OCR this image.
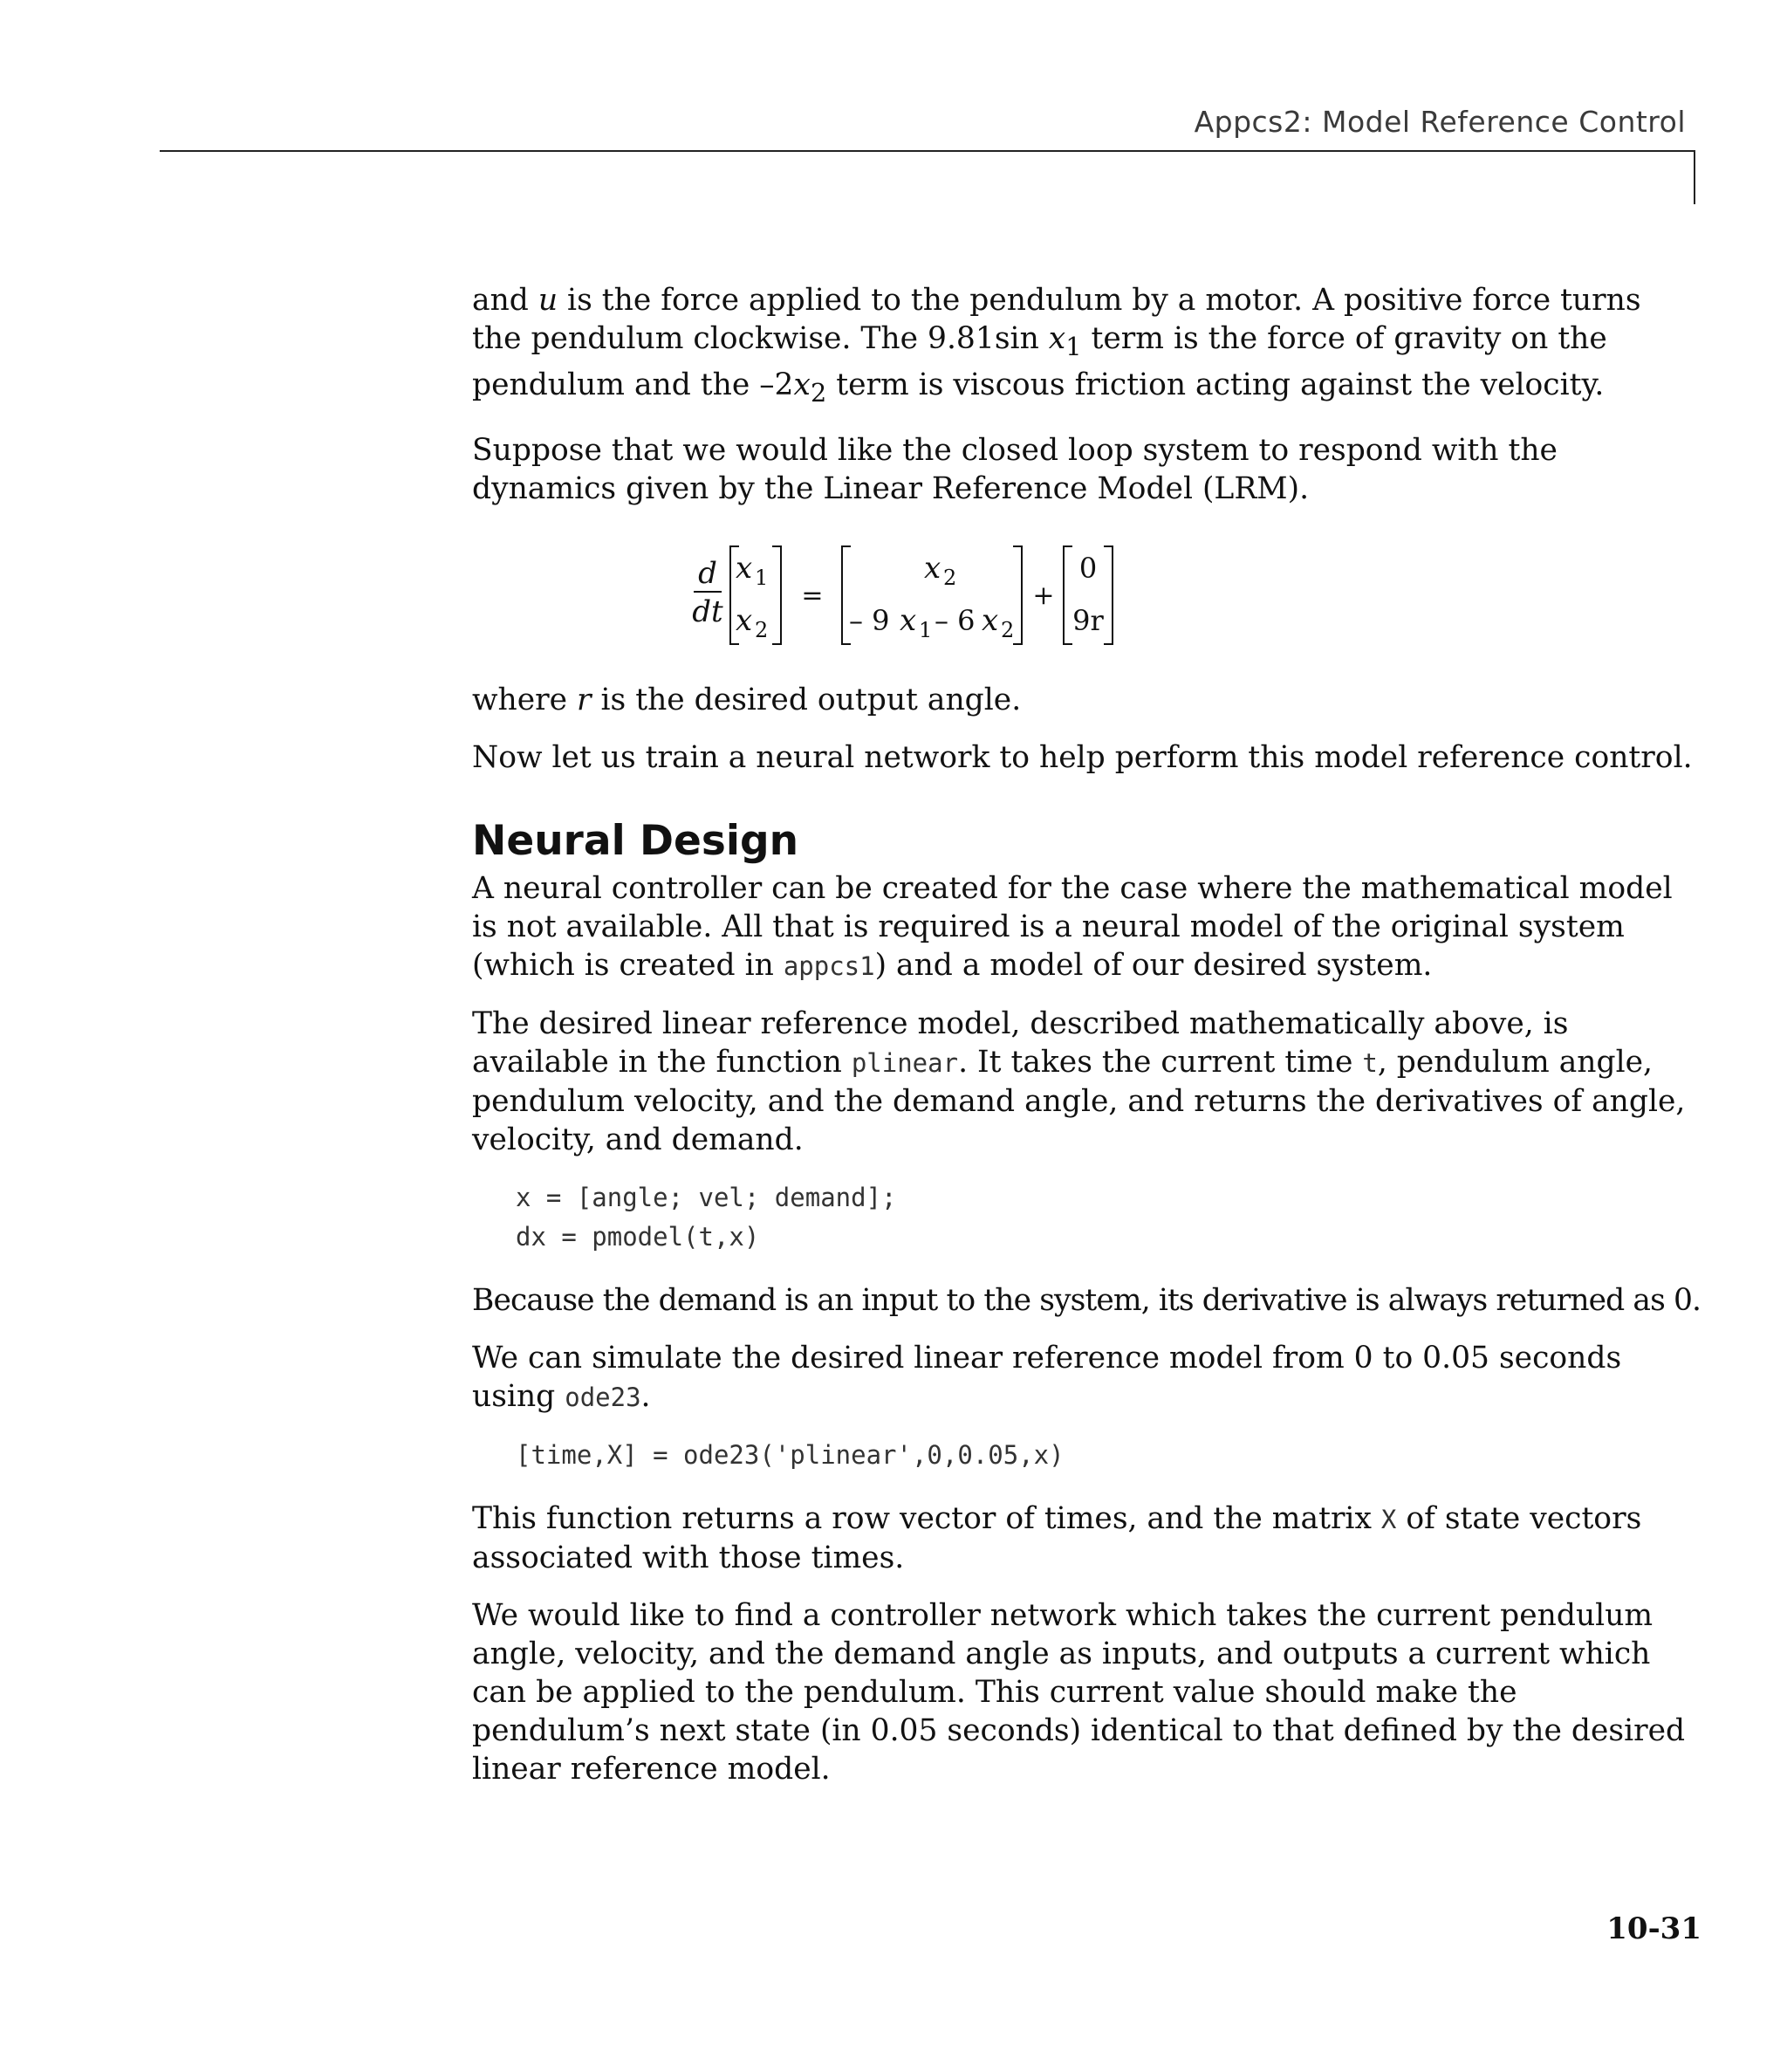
Appcs2: Model Reference Control

and u is the force applied to the pendulum by a motor. A positive force turns
the pendulum clockwise. The 9.81sin $x_1$ term is the force of gravity on the
pendulum and the $-2x_2$ term is viscous friction acting against the velocity.

Suppose that we would like the closed loop system to respond with the
dynamics given by the Linear Reference Model (LRM).

d
dt
x 1
x 2
=
x 2
– 9 x 1 – 6 x 2
+
0
9r

where r is the desired output angle.

Now let us train a neural network to help perform this model reference control.

Neural Design

A neural controller can be created for the case where the mathematical model
is not available. All that is required is a neural model of the original system
(which is created in appcs1) and a model of our desired system.

The desired linear reference model, described mathematically above, is
available in the function plinear. It takes the current time t, pendulum angle,
pendulum velocity, and the demand angle, and returns the derivatives of angle,
velocity, and demand.

x = [angle; vel; demand];
dx = pmodel(t,x)

Because the demand is an input to the system, its derivative is always returned as 0.

We can simulate the desired linear reference model from 0 to 0.05 seconds
using ode23.

[time,X] = ode23('plinear',0,0.05,x)

This function returns a row vector of times, and the matrix X of state vectors
associated with those times.

We would like to find a controller network which takes the current pendulum
angle, velocity, and the demand angle as inputs, and outputs a current which
can be applied to the pendulum. This current value should make the
pendulum’s next state (in 0.05 seconds) identical to that defined by the desired
linear reference model.

10-31
